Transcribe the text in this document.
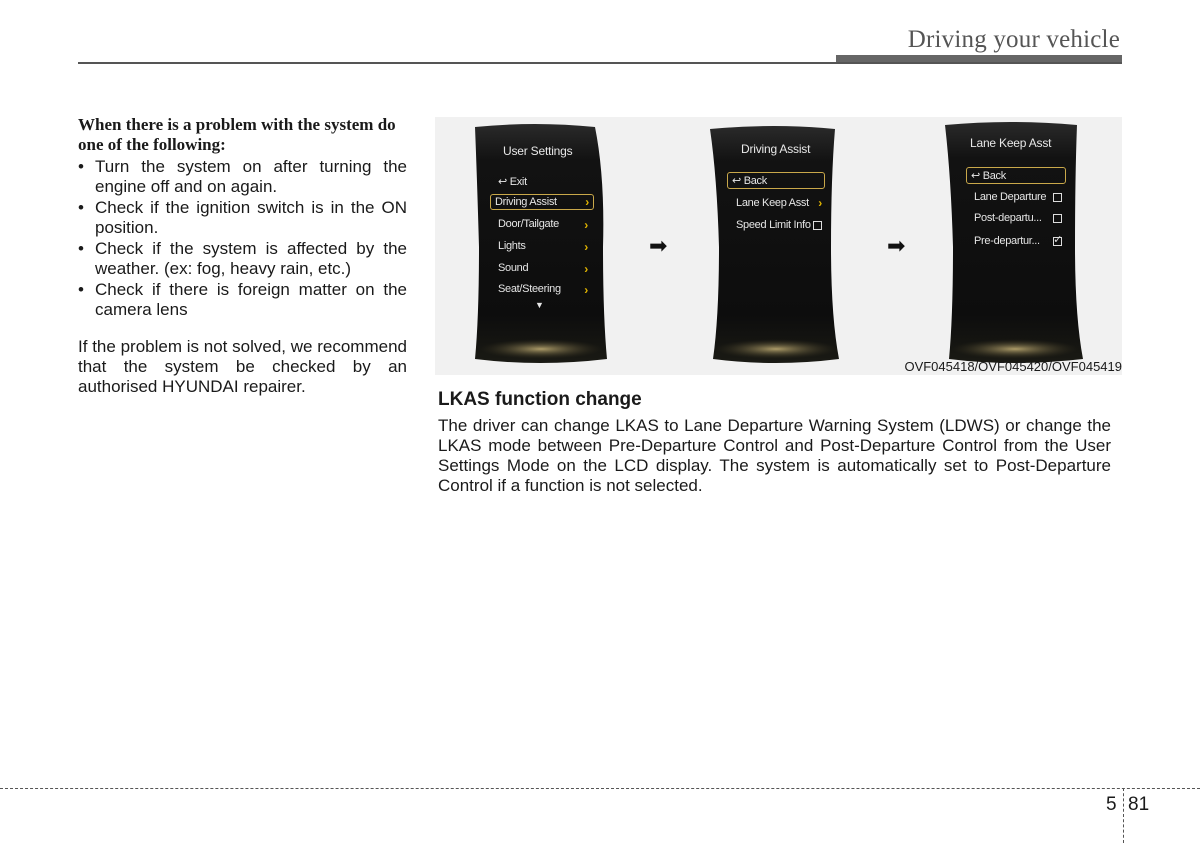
Driving your vehicle

When there is a problem with the system do one of the following:

• Turn the system on after turning the engine off and on again.
• Check if the ignition switch is in the ON position.
• Check if the system is affected by the weather. (ex: fog, heavy rain, etc.)
• Check if there is foreign matter on the camera lens

If the problem is not solved, we recommend that the system be checked by an authorised HYUNDAI repairer.

User Settings
↩ Exit
Driving Assist ›
Door/Tailgate ›
Lights	›
Sound	›
Seat/Steering ›
▼
➡
Driving Assist
↩ Back
Lane Keep Asst ›
Speed Limit Info
➡
Lane Keep Asst
↩ Back
Lane Departure
Post-departu...
Pre-departur... ✓
OVF045418/OVF045420/OVF045419
LKAS function change

The driver can change LKAS to Lane Departure Warning System (LDWS) or change the LKAS mode between Pre-Departure Control and Post-Departure Control from the User Settings Mode on the LCD display. The system is automatically set to Post-Departure Control if a function is not selected.

5 81
